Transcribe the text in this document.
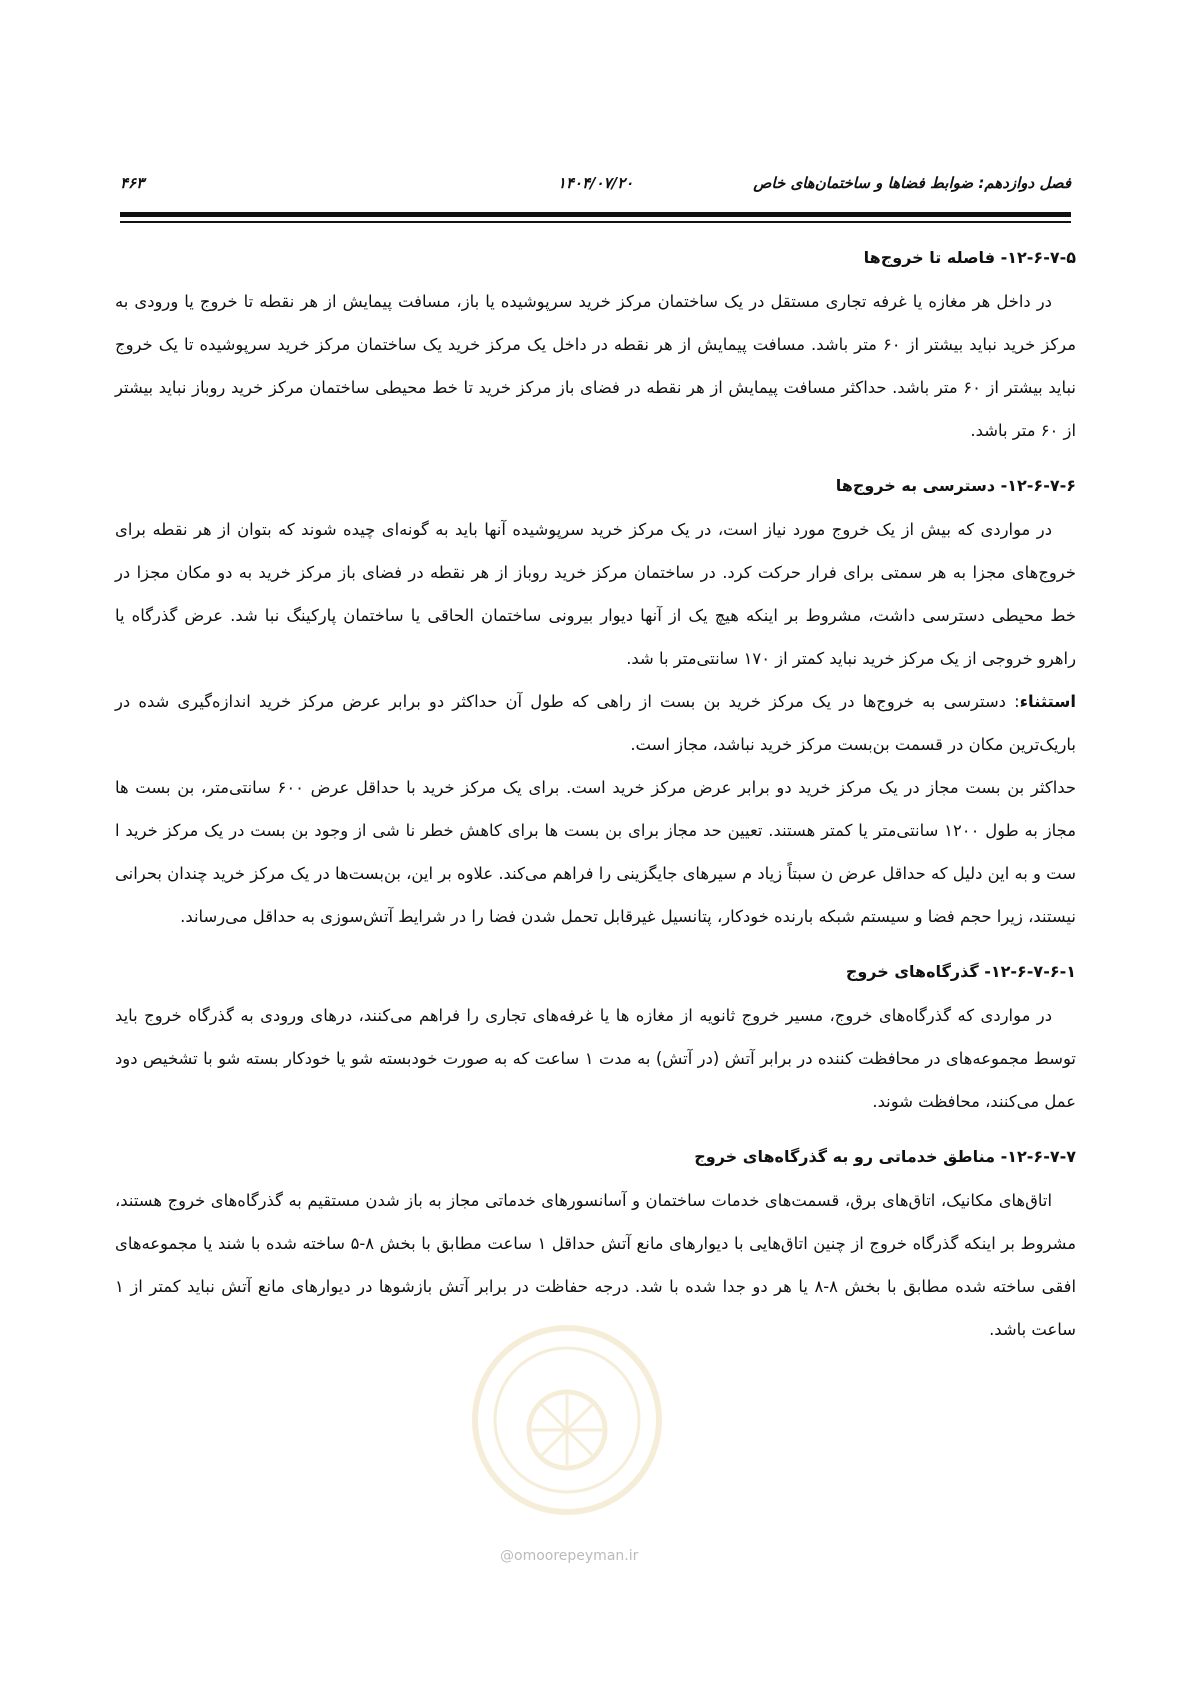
فصل دوازدهم: ضوابط فضاها و ساختمان‌های خاص
۱۴۰۴/۰۷/۲۰
۴۶۳
۱۲-۶-۷-۵- فاصله تا خروج‌ها

در داخل هر مغازه یا غرفه تجاری مستقل در یک ساختمان مرکز خرید سرپوشیده یا باز، مسافت پیمایش از هر نقطه تا خروج یا ورودی به مرکز خرید نباید بیشتر از ۶۰ متر باشد. مسافت پیمایش از هر نقطه در داخل یک مرکز خرید یک ساختمان مرکز خرید سرپوشیده تا یک خروج نباید بیشتر از ۶۰ متر باشد. حداکثر مسافت پیمایش از هر نقطه در فضای باز مرکز خرید تا خط محیطی ساختمان مرکز خرید روباز نباید بیشتر از ۶۰ متر باشد.

۱۲-۶-۷-۶- دسترسی به خروج‌ها

در مواردی که بیش از یک خروج مورد نیاز است، در یک مرکز خرید سرپوشیده آنها باید به گونه‌ای چیده شوند که بتوان از هر نقطه برای خروج‌های مجزا به هر سمتی برای فرار حرکت کرد. در ساختمان مرکز خرید روباز از هر نقطه در فضای باز مرکز خرید به دو مکان مجزا در خط محیطی دسترسی داشت، مشروط بر اینکه هیچ یک از آنها دیوار بیرونی ساختمان الحاقی یا ساختمان پارکینگ نبا شد. عرض گذرگاه یا راهرو خروجی از یک مرکز خرید نباید کمتر از ۱۷۰ سانتی‌متر با شد.

استثناء: دسترسی به خروج‌ها در یک مرکز خرید بن بست از راهی که طول آن حداکثر دو برابر عرض مرکز خرید اندازه‌گیری شده در باریک‌ترین مکان در قسمت بن‌بست مرکز خرید نباشد، مجاز است.

حداکثر بن بست مجاز در یک مرکز خرید دو برابر عرض مرکز خرید است. برای یک مرکز خرید با حداقل عرض ۶۰۰ سانتی‌متر، بن بست ها مجاز به طول ۱۲۰۰ سانتی‌متر یا کمتر هستند. تعیین حد مجاز برای بن بست ها برای کاهش خطر نا شی از وجود بن بست در یک مرکز خرید ا ست و به این دلیل که حداقل عرض ن سبتاً زیاد م سیرهای جایگزینی را فراهم می‌کند. علاوه بر این، بن‌بست‌ها در یک مرکز خرید چندان بحرانی نیستند، زیرا حجم فضا و سیستم شبکه بارنده خودکار، پتانسیل غیرقابل تحمل شدن فضا را در شرایط آتش‌سوزی به حداقل می‌رساند.

۱۲-۶-۷-۶-۱- گذرگاه‌های خروج

در مواردی که گذرگاه‌های خروج، مسیر خروج ثانویه از مغازه ها یا غرفه‌های تجاری را فراهم می‌کنند، درهای ورودی به گذرگاه خروج باید توسط مجموعه‌های در محافظت کننده در برابر آتش (در آتش) به مدت ۱ ساعت که به صورت خودبسته شو یا خودکار بسته شو با تشخیص دود عمل می‌کنند، محافظت شوند.

۱۲-۶-۷-۷- مناطق خدماتی رو به گذرگاه‌های خروج

اتاق‌های مکانیک، اتاق‌های برق، قسمت‌های خدمات ساختمان و آسانسورهای خدماتی مجاز به باز شدن مستقیم به گذرگاه‌های خروج هستند، مشروط بر اینکه گذرگاه خروج از چنین اتاق‌هایی با دیوارهای مانع آتش حداقل ۱ ساعت مطابق با بخش ۸-۵ ساخته شده با شند یا مجموعه‌های افقی ساخته شده مطابق با بخش ۸-۸ یا هر دو جدا شده با شد. درجه حفاظت در برابر آتش بازشوها در دیوارهای مانع آتش نباید کمتر از ۱ ساعت باشد.

@omoorepeyman.ir
